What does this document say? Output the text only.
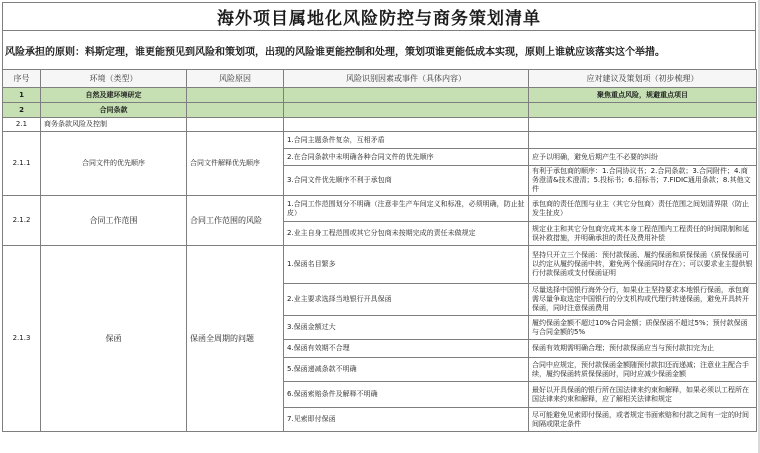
海外项目属地化风险防控与商务策划清单
风险承担的原则：料斯定理，谁更能预见到风险和策划项，出现的风险谁更能控制和处理，策划项谁更能低成本实现，原则上谁就应该落实这个举措。
序号	环境（类型）	风险原因	风险识别因素或事件（具体内容）	应对建议及策划项（初步梳理）
1	自然及建环境研定			聚焦重点风险，规避重点项目
2	合同条款			
2.1	商务条款风险及控制			
2.1.1	合同文件的优先顺序	合同文件解释优先顺序	1.合同主题条件复杂，互相矛盾	
			2.在合同条款中未明确各种合同文件的优先顺序	应予以明确，避免后期产生不必要的纠纷
			3.合同文件优先顺序不利于承包商	有利于承包商的顺序：1.合同协议书；2.合同条款；3.合同附件；4.商务澄清&技术澄清；5.投标书；6.招标书；7.FIDIC通用条款；8.其他文件
2.1.2	合同工作范围	合同工作范围的风险	1.合同工作范围划分不明确（注意非生产车间定义和标准，必须明确，防止扯皮）	承包商的责任范围与业主（其它分包商）责任范围之间划清界限（防止发生扯皮）
			2.业主自身工程范围或其它分包商未按期完成的责任未做规定	规定业主和其它分包商完成其本身工程范围内工程责任的时间限制和延误补救措施，并明确承担的责任及费用补偿
2.1.3	保函	保函全周期的问题	1.保函名目繁多	坚持只开立三个保函：预付款保函、履约保函和质保保函（质保保函可以约定从履约保函中转，避免两个保函同时存在）；可以要求业主提供银行付款保函或支付保函证明
			2.业主要求选择当地银行开具保函	尽量选择中国银行海外分行，如果业主坚持要求本地银行保函，承包商需尽量争取选定中国银行的分支机构或代理行转递保函，避免开具转开保函，同时注意保函费用
			3.保函金额过大	履约保函金额不超过10%合同金额；质保保函不超过5%；预付款保函与合同金额的5%
			4.保函有效期不合理	保函有效期需明确合理；预付款保函应当与预付款扣完为止
			5.保函递减条款不明确	合同中应规定，预付款保函金额随预付款扣还而递减；注意业主配合手续，履约保函转质保保函时，同时应减少保函金额
			6.保函索赔条件及解释不明确	最好以开具保函的银行所在国法律来约束和解释，如果必须以工程所在国法律来约束和解释，应了解相关法律和规定
			7.见索即付保函	尽可能避免见索即付保函，或者规定书面索赔和付款之间有一定的时间间隔或限定条件
